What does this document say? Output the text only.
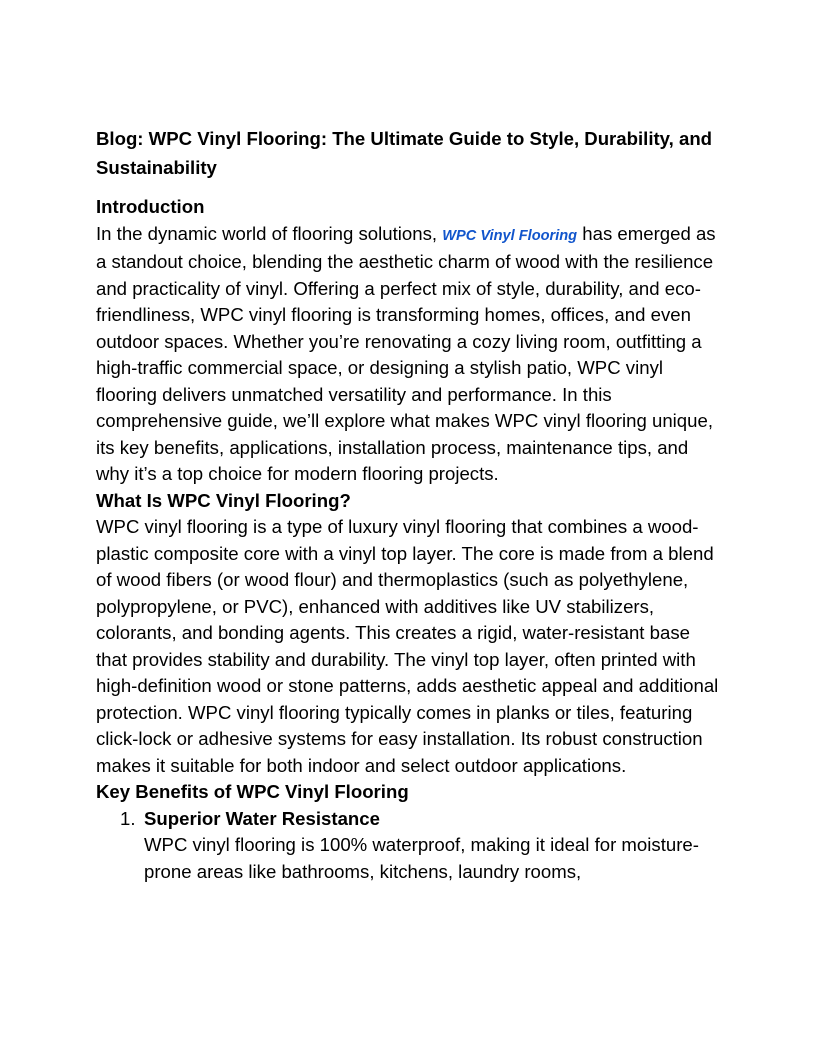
Blog: WPC Vinyl Flooring: The Ultimate Guide to Style, Durability, and Sustainability

Introduction

In the dynamic world of flooring solutions, WPC Vinyl Flooring has emerged as a standout choice, blending the aesthetic charm of wood with the resilience and practicality of vinyl. Offering a perfect mix of style, durability, and eco-friendliness, WPC vinyl flooring is transforming homes, offices, and even outdoor spaces. Whether you’re renovating a cozy living room, outfitting a high-traffic commercial space, or designing a stylish patio, WPC vinyl flooring delivers unmatched versatility and performance. In this comprehensive guide, we’ll explore what makes WPC vinyl flooring unique, its key benefits, applications, installation process, maintenance tips, and why it’s a top choice for modern flooring projects.

What Is WPC Vinyl Flooring?

WPC vinyl flooring is a type of luxury vinyl flooring that combines a wood-plastic composite core with a vinyl top layer. The core is made from a blend of wood fibers (or wood flour) and thermoplastics (such as polyethylene, polypropylene, or PVC), enhanced with additives like UV stabilizers, colorants, and bonding agents. This creates a rigid, water-resistant base that provides stability and durability. The vinyl top layer, often printed with high-definition wood or stone patterns, adds aesthetic appeal and additional protection. WPC vinyl flooring typically comes in planks or tiles, featuring click-lock or adhesive systems for easy installation. Its robust construction makes it suitable for both indoor and select outdoor applications.

Key Benefits of WPC Vinyl Flooring

1. Superior Water Resistance

WPC vinyl flooring is 100% waterproof, making it ideal for moisture-prone areas like bathrooms, kitchens, laundry rooms,
